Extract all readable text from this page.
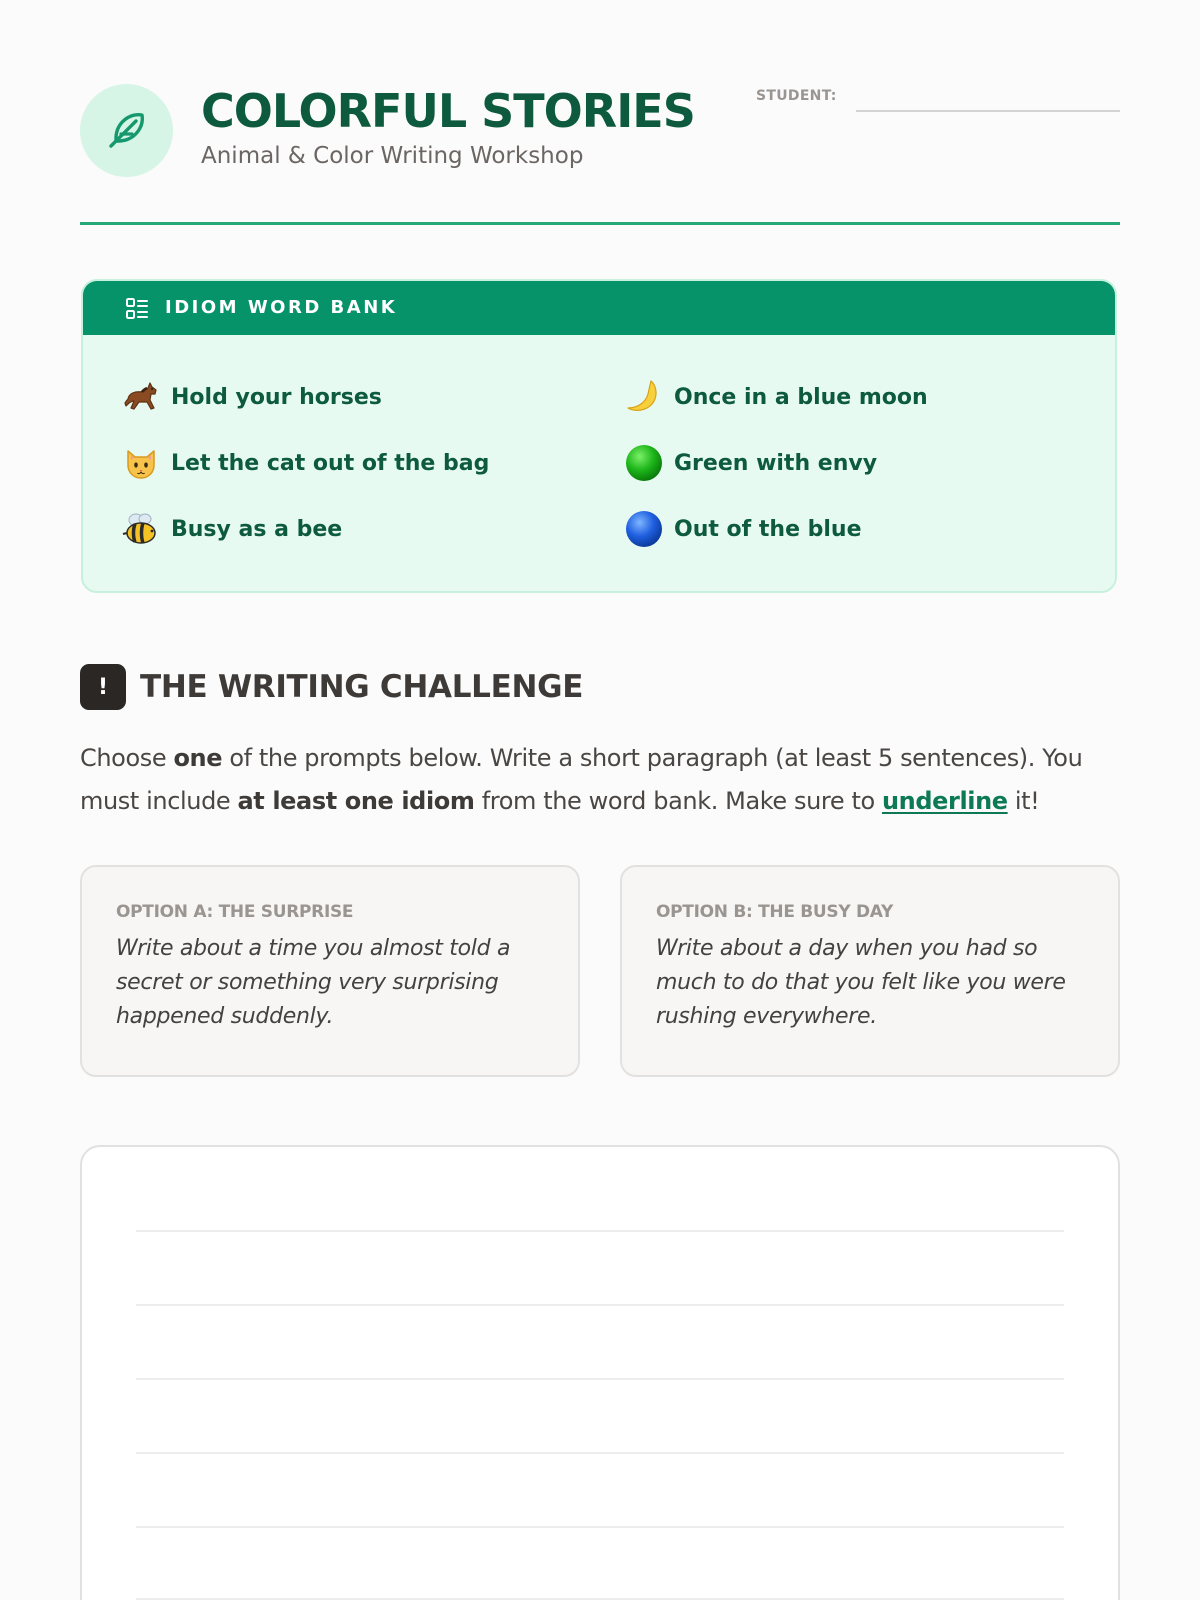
COLORFUL STORIES
Animal & Color Writing Workshop
STUDENT:
IDIOM WORD BANK
Hold your horses
Let the cat out of the bag
Busy as a bee
Once in a blue moon
Green with envy
Out of the blue
!	THE WRITING CHALLENGE

Choose one of the prompts below. Write a short paragraph (at least 5 sentences). You must include at least one idiom from the word bank. Make sure to underline it!

OPTION A: THE SURPRISE
Write about a time you almost told a secret or something very surprising happened suddenly.
OPTION B: THE BUSY DAY
Write about a day when you had so much to do that you felt like you were rushing everywhere.
